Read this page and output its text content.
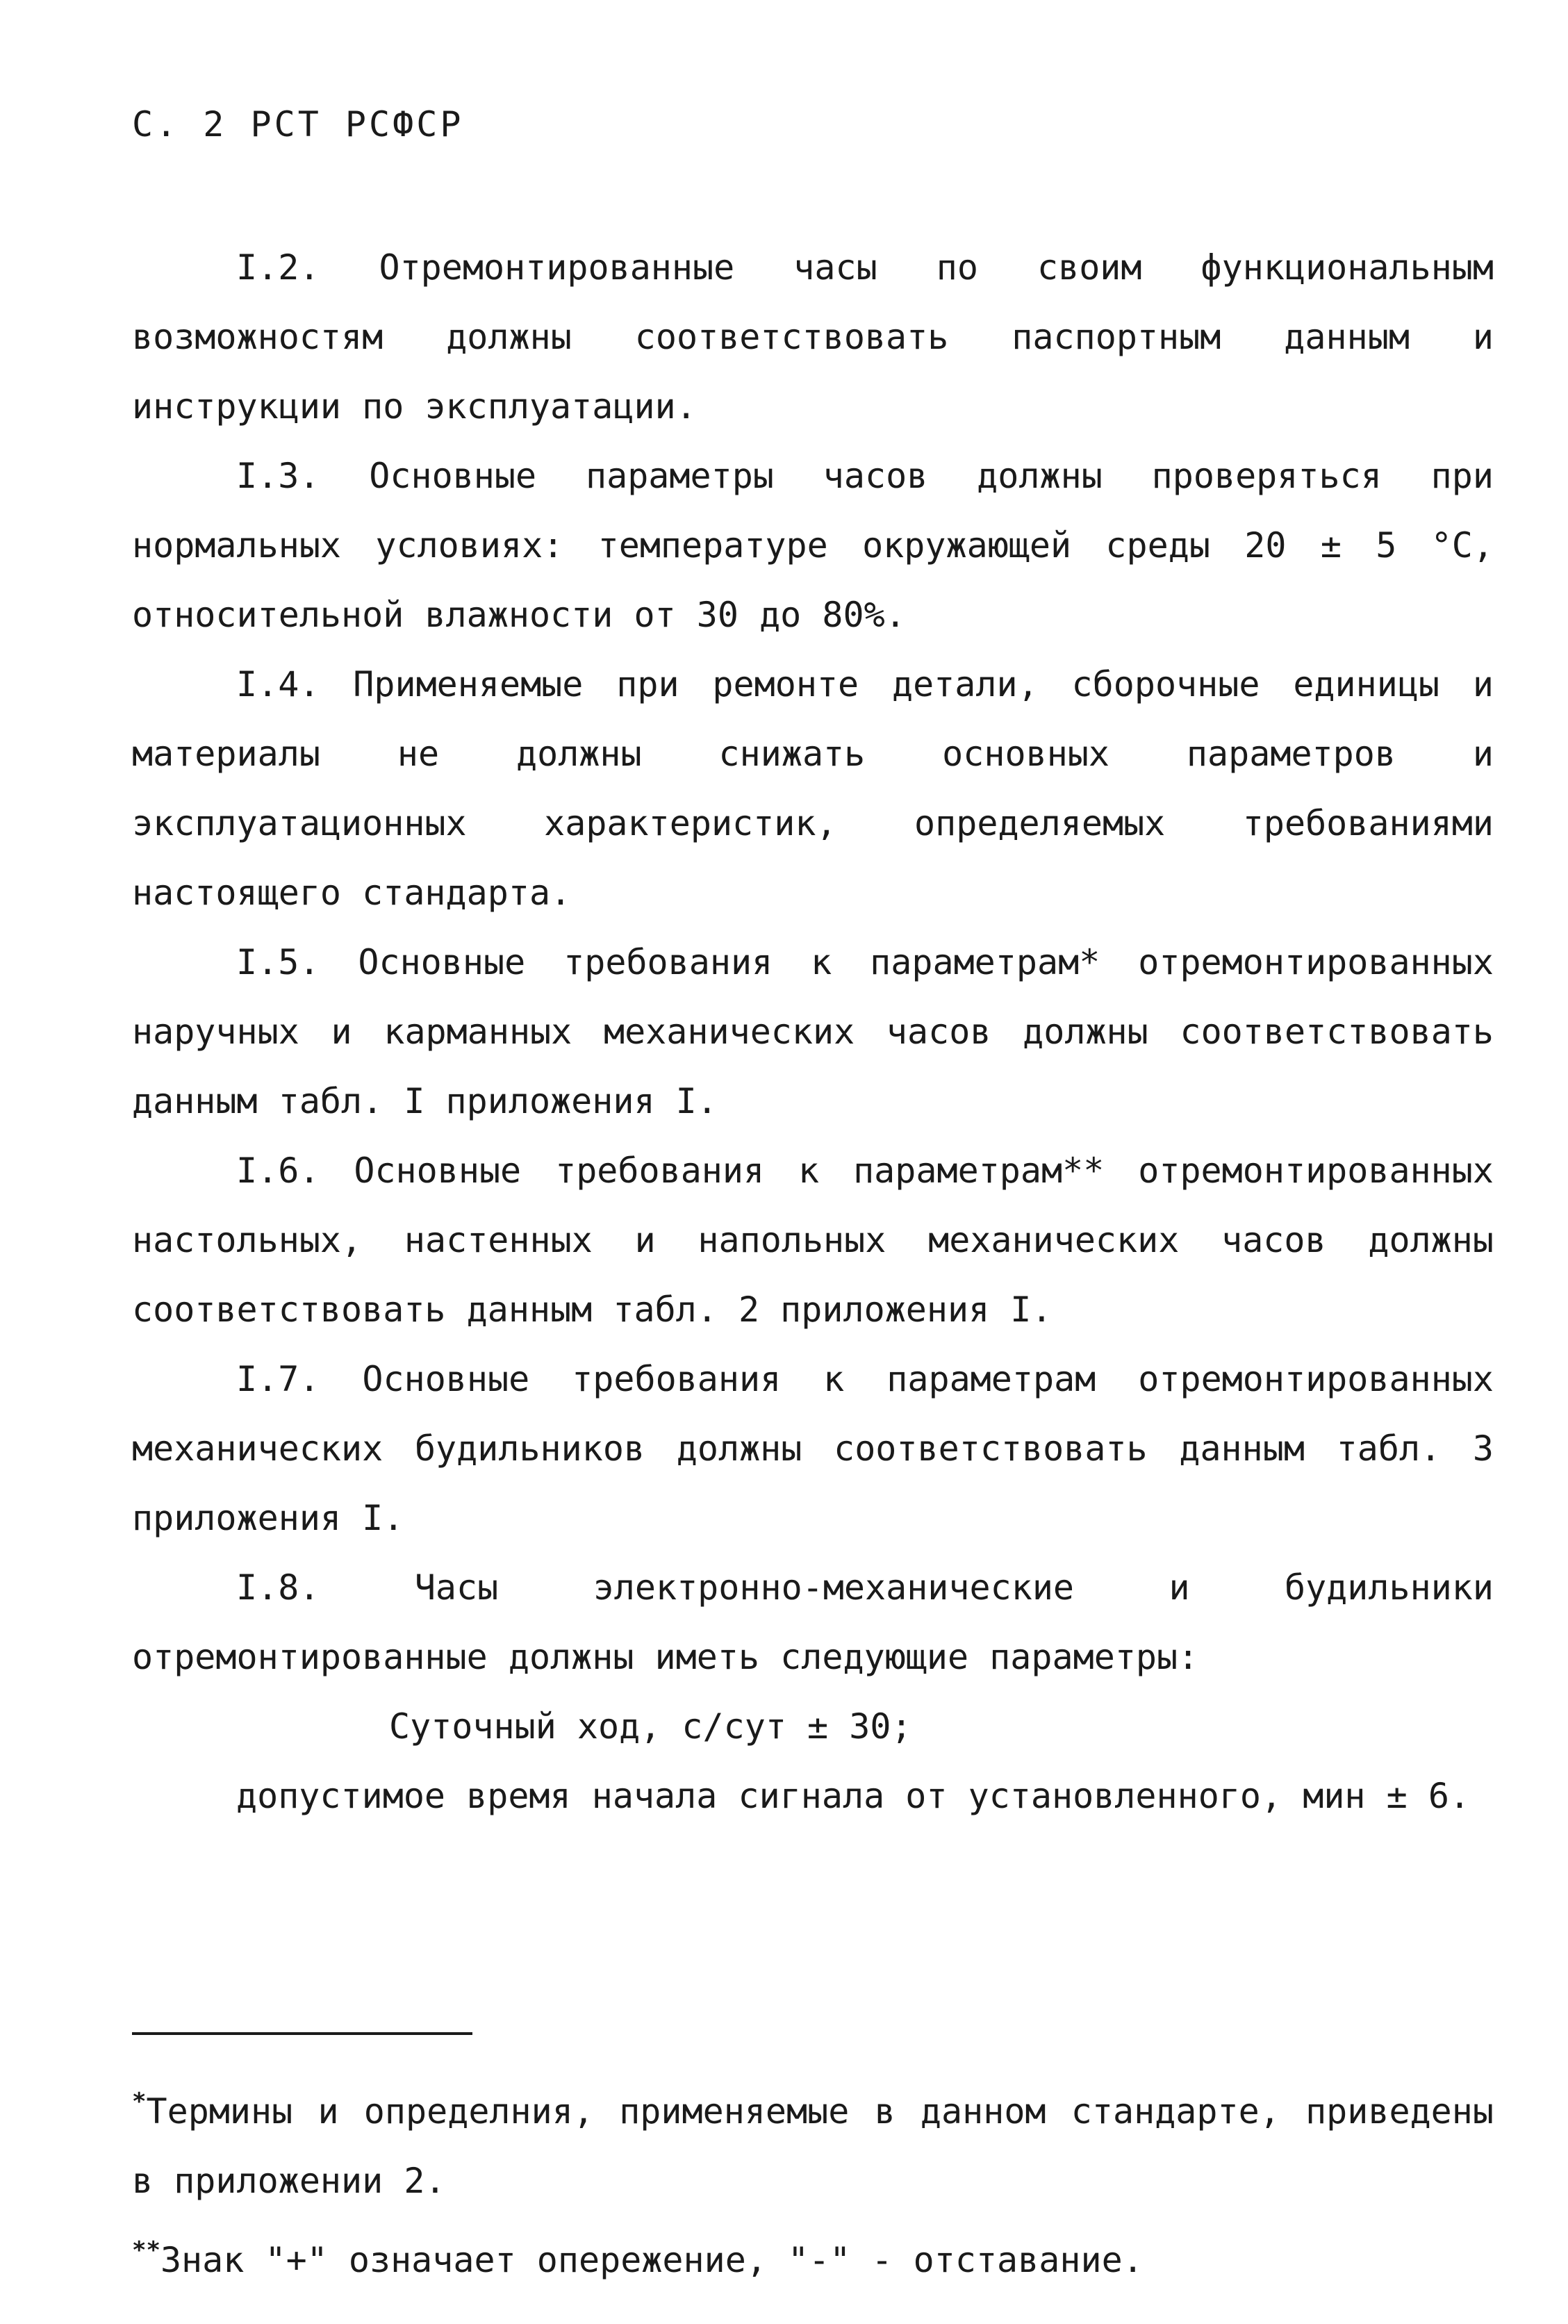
С. 2 РСТ РСФСР

I.2. Отремонтированные часы по своим функциональным возможностям должны соответствовать паспортным данным и инструкции по эксплуатации.

I.3. Основные параметры часов должны проверяться при нормальных условиях: температуре окружающей среды 20 ± 5 °С, относительной влажности от 30 до 80%.

I.4. Применяемые при ремонте детали, сборочные единицы и материалы не должны снижать основных параметров и эксплуатационных характеристик, определяемых требованиями настоящего стандарта.

I.5. Основные требования к параметрам* отремонтированных наручных и карманных механических часов должны соответствовать данным табл. I приложения I.

I.6. Основные требования к параметрам** отремонтированных настольных, настенных и напольных механических часов должны соответствовать данным табл. 2 приложения I.

I.7. Основные требования к параметрам отремонтированных механических будильников должны соответствовать данным табл. 3 приложения I.

I.8. Часы электронно-механические и будильники отремонтированные должны иметь следующие параметры:

Суточный ход, с/сут ± 30;

допустимое время начала сигнала от установленного, мин ± 6.

*Термины и определния, применяемые в данном стандарте, приведены в приложении 2.

**Знак "+" означает опережение, "-" - отставание.
